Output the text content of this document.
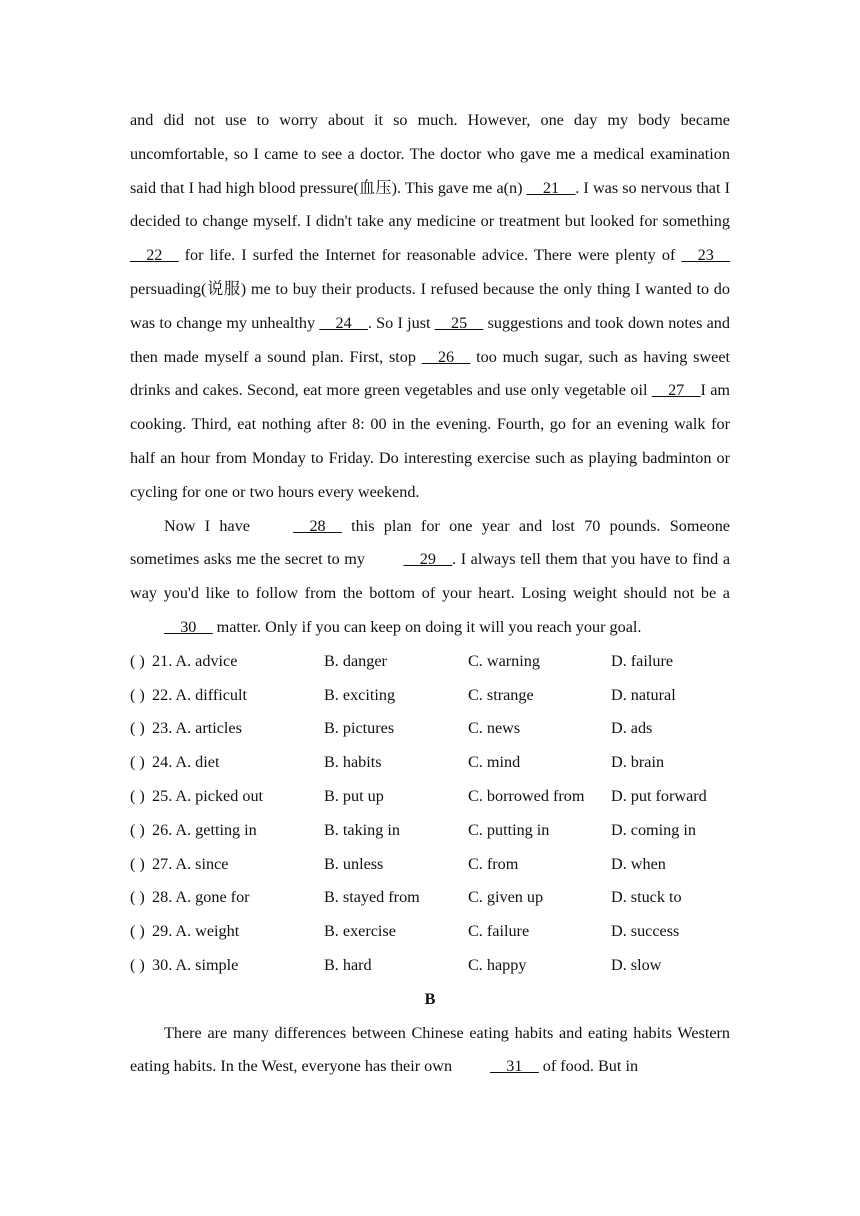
and did not use to worry about it so much. However, one day my body became uncomfortable, so I came to see a doctor. The doctor who gave me a medical examination said that I had high blood pressure(血压). This gave me a(n) __21__. I was so nervous that I decided to change myself. I didn't take any medicine or treatment but looked for something __22__ for life. I surfed the Internet for reasonable advice. There were plenty of __23__ persuading(说服) me to buy their products. I refused because the only thing I wanted to do was to change my unhealthy __24__. So I just __25__ suggestions and took down notes and then made myself a sound plan. First, stop __26__ too much sugar, such as having sweet drinks and cakes. Second, eat more green vegetables and use only vegetable oil __27__I am cooking. Third, eat nothing after 8: 00 in the evening. Fourth, go for an evening walk for half an hour from Monday to Friday. Do interesting exercise such as playing badminton or cycling for one or two hours every weekend.

Now I have __28__ this plan for one year and lost 70 pounds. Someone sometimes asks me the secret to my __29__. I always tell them that you have to find a way you'd like to follow from the bottom of your heart. Losing weight should not be a __30__ matter. Only if you can keep on doing it will you reach your goal.

( ) 21. A. advice	B. danger	C. warning	D. failure
( ) 22. A. difficult	B. exciting	C. strange	D. natural
( ) 23. A. articles	B. pictures	C. news	D. ads
( ) 24. A. diet	B. habits	C. mind	D. brain
( ) 25. A. picked out	B. put up	C. borrowed from	D. put forward
( ) 26. A. getting in	B. taking in	C. putting in	D. coming in
( ) 27. A. since	B. unless	C. from	D. when
( ) 28. A. gone for	B. stayed from	C. given up	D. stuck to
( ) 29. A. weight	B. exercise	C. failure	D. success
( ) 30. A. simple	B. hard	C. happy	D. slow
B

There are many differences between Chinese eating habits and eating habits Western eating habits. In the West, everyone has their own __31__ of food. But in
